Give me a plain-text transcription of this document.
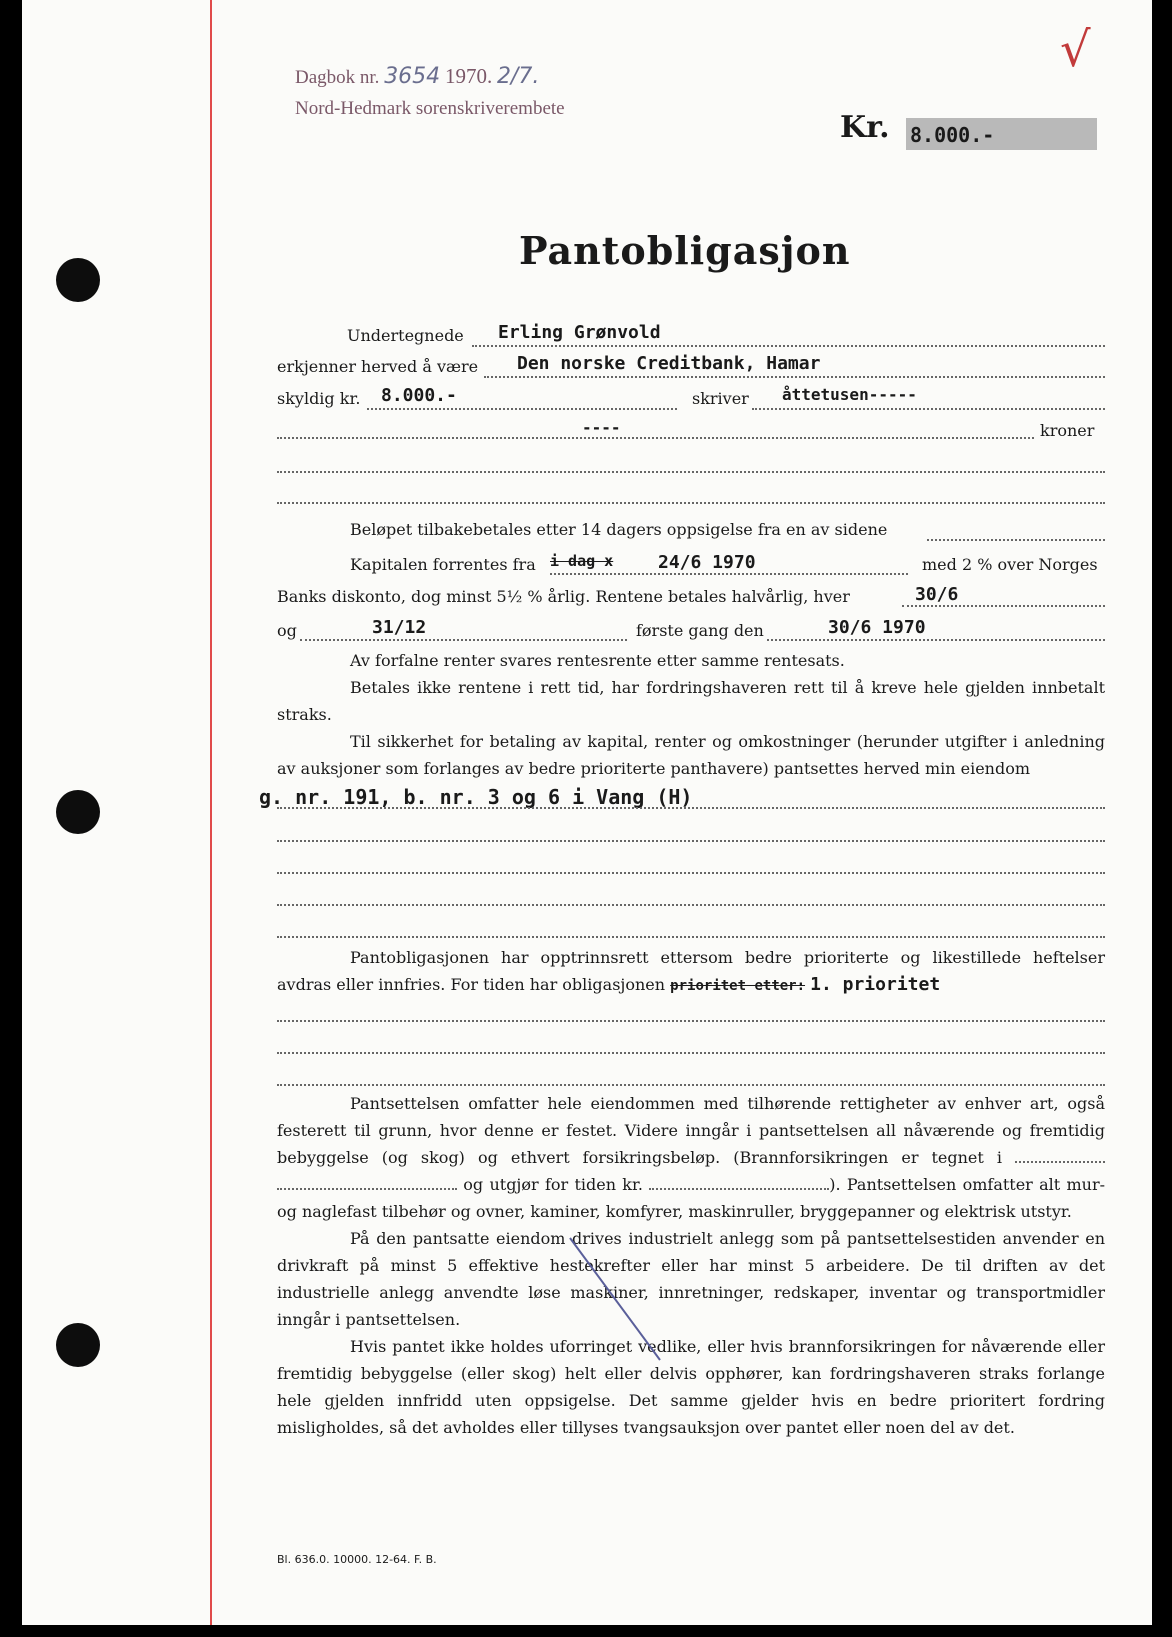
Dagbok nr. 3654 1970. 2/7.
Nord-Hedmark sorenskriverembete
√
Kr. 8.000.-
Pantobligasjon
Undertegnede Erling Grønvold
erkjenner herved å være Den norske Creditbank, Hamar
skyldig kr. 8.000.-	skriver åttetusen-----
----	kroner
Beløpet tilbakebetales etter 14 dagers oppsigelse fra en av sidene
Kapitalen forrentes fra i dag x 24/6 1970	med 2 % over Norges
Banks diskonto, dog minst 5½ % årlig. Rentene betales halvårlig, hver	30/6
og	31/12	første gang den	30/6 1970

Av forfalne renter svares rentesrente etter samme rentesats.

Betales ikke rentene i rett tid, har fordringshaveren rett til å kreve hele gjelden innbetalt straks.

Til sikkerhet for betaling av kapital, renter og omkostninger (herunder utgifter i anledning av auksjoner som forlanges av bedre prioriterte panthavere) pantsettes herved min eiendom

g. nr. 191, b. nr. 3 og 6 i Vang (H)

Pantobligasjonen har opptrinnsrett ettersom bedre prioriterte og likestillede heftelser avdras eller innfries. For tiden har obligasjonen prioritet etter: 1. prioritet

Pantsettelsen omfatter hele eiendommen med tilhørende rettigheter av enhver art, også festerett til grunn, hvor denne er festet. Videre inngår i pantsettelsen all nåværende og fremtidig bebyggelse (og skog) og ethvert forsikringsbeløp. (Brannforsikringen er tegnet i   og utgjør for tiden kr.	). Pantsettelsen omfatter alt mur- og naglefast tilbehør og ovner, kaminer, komfyrer, maskinruller, bryggepanner og elektrisk utstyr.

På den pantsatte eiendom drives industrielt anlegg som på pantsettelsestiden anvender en drivkraft på minst 5 effektive hestekrefter eller har minst 5 arbeidere. De til driften av det industrielle anlegg anvendte løse maskiner, innretninger, redskaper, inventar og transportmidler inngår i pantsettelsen.

Hvis pantet ikke holdes uforringet vedlike, eller hvis brannforsikringen for nåværende eller fremtidig bebyggelse (eller skog) helt eller delvis opphører, kan fordringshaveren straks forlange hele gjelden innfridd uten oppsigelse. Det samme gjelder hvis en bedre prioritert fordring misligholdes, så det avholdes eller tillyses tvangsauksjon over pantet eller noen del av det.

Bl. 636.0. 10000. 12-64. F. B.
